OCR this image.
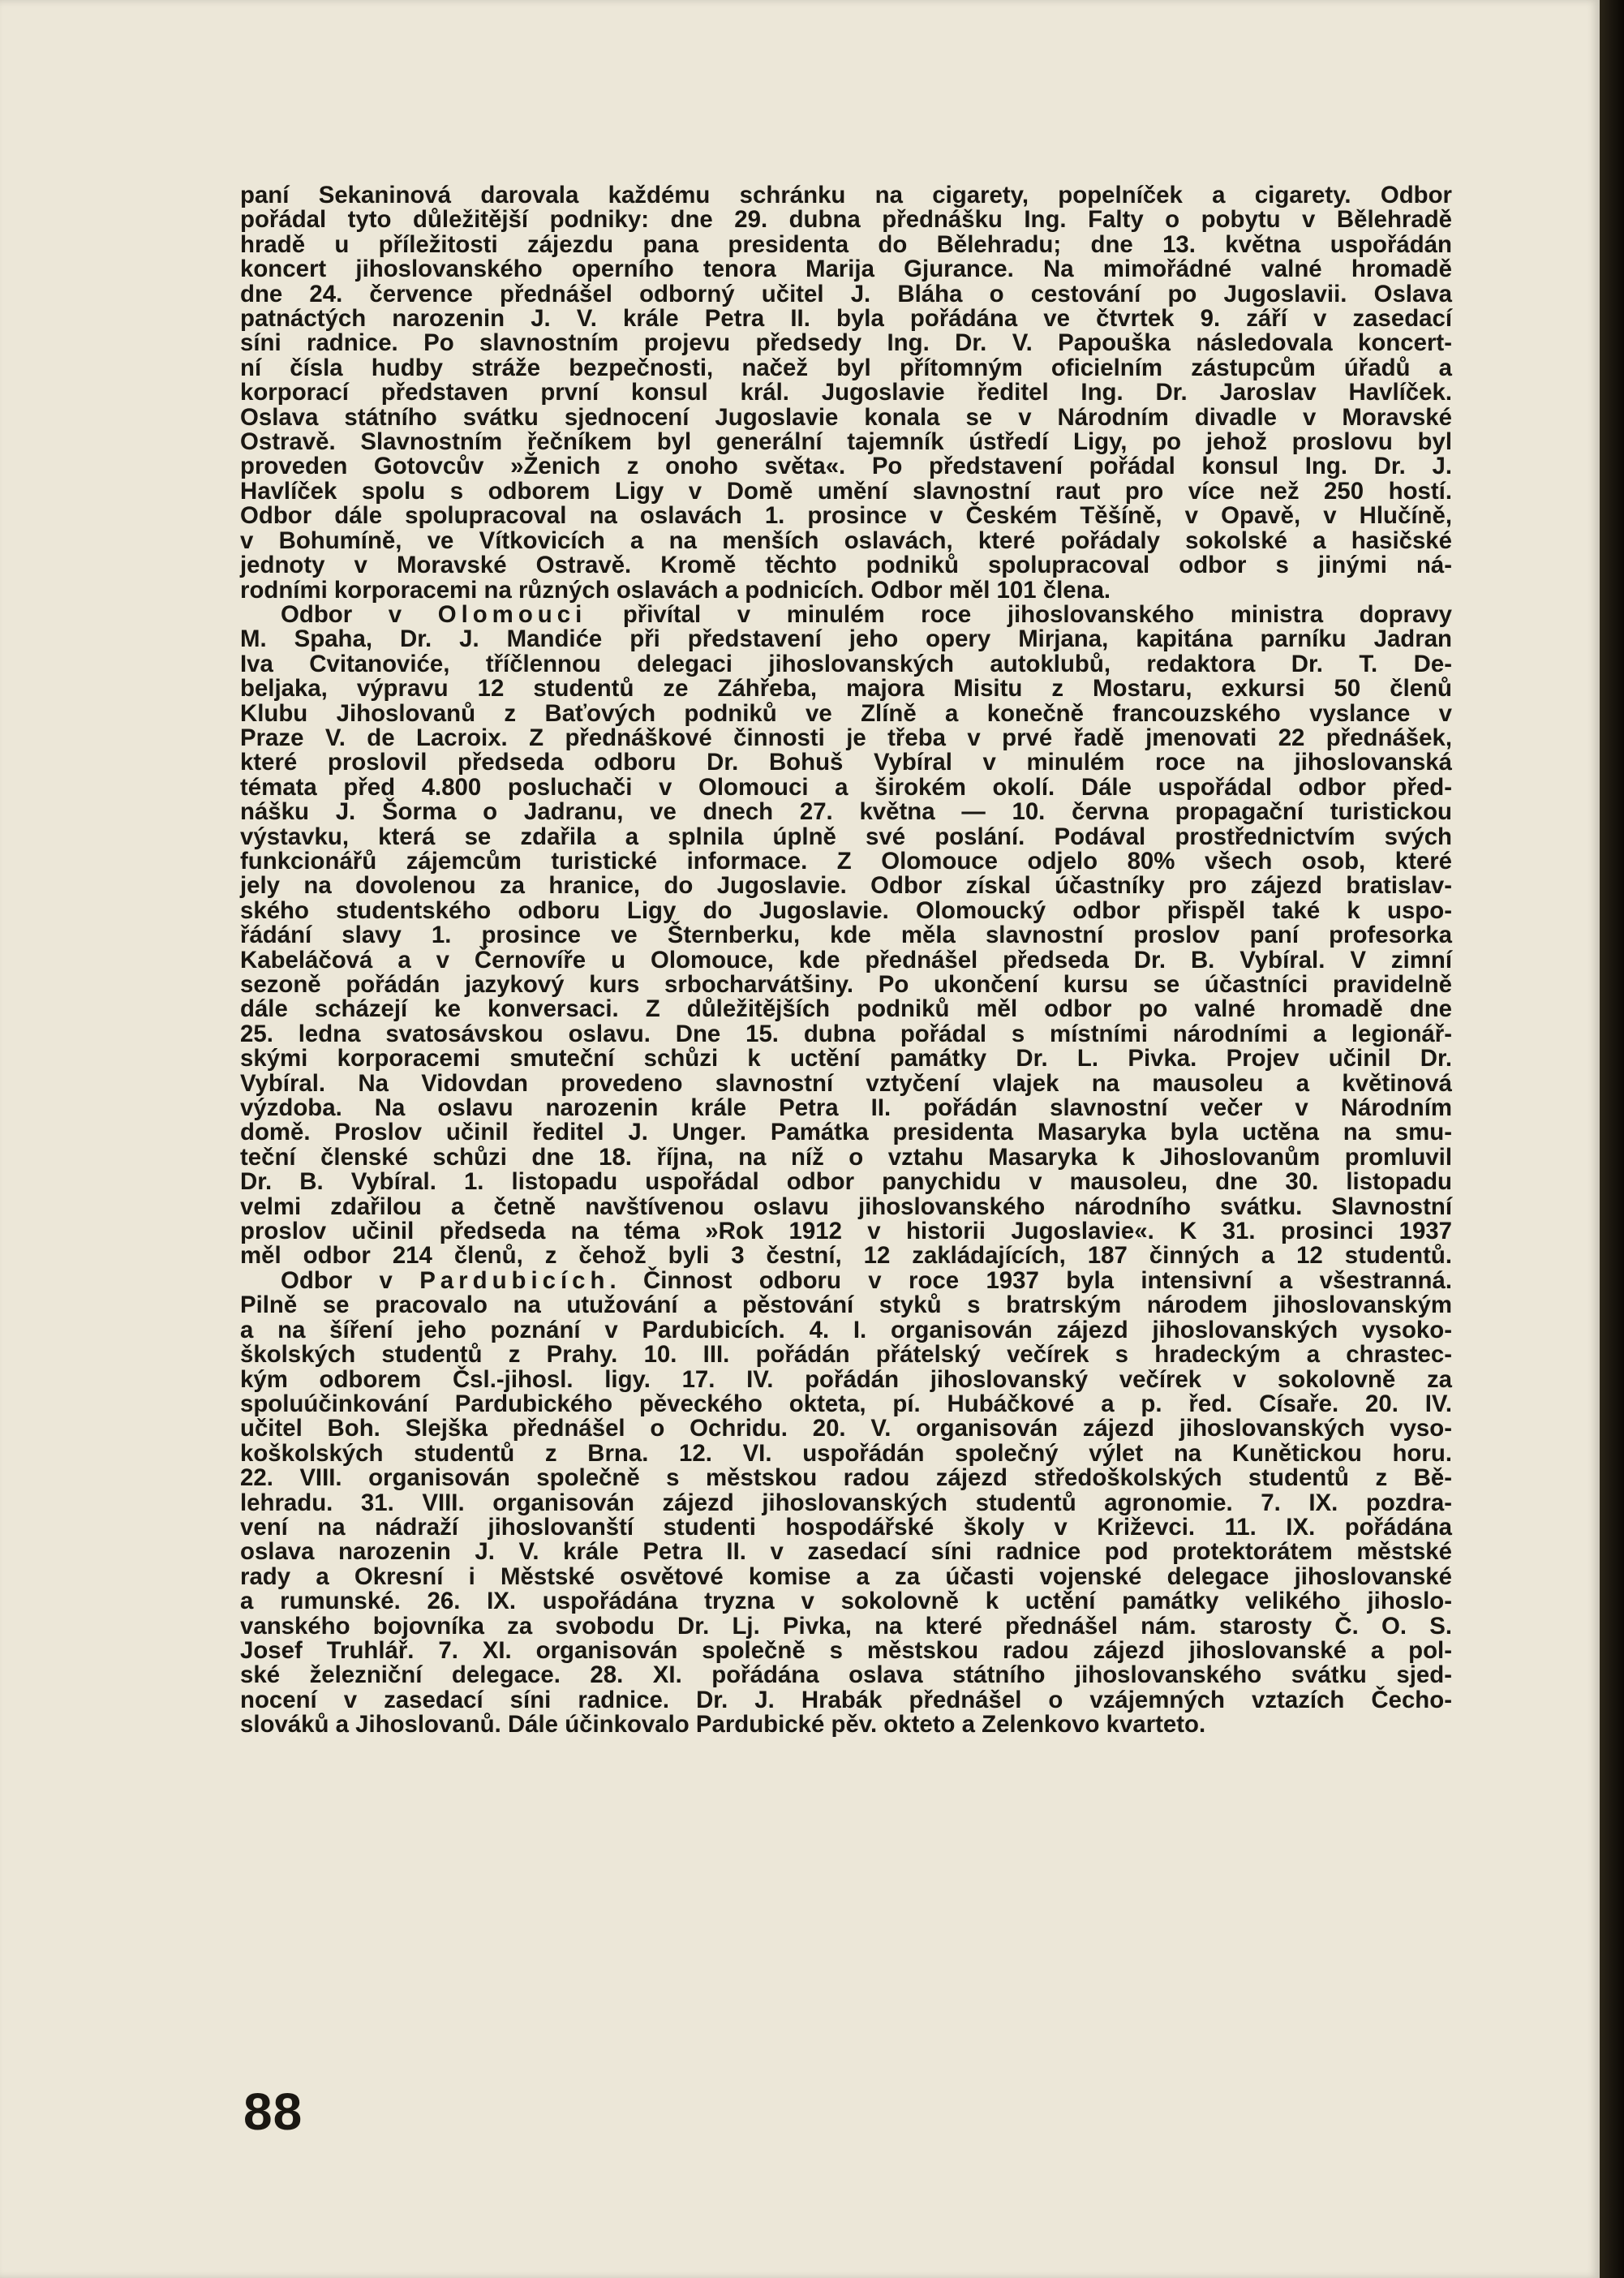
paní Sekaninová darovala každému schránku na cigarety, popelníček a cigarety. Odbor

pořádal tyto důležitější podniky: dne 29. dubna přednášku Ing. Falty o pobytu v Bělehradě

hradě u příležitosti zájezdu pana presidenta do Bělehradu; dne 13. května uspořádán

koncert jihoslovanského operního tenora Marija Gjurance. Na mimořádné valné hromadě

dne 24. července přednášel odborný učitel J. Bláha o cestování po Jugoslavii. Oslava

patnáctých narozenin J. V. krále Petra II. byla pořádána ve čtvrtek 9. září v zasedací

síni radnice. Po slavnostním projevu předsedy Ing. Dr. V. Papouška následovala koncert-

ní čísla hudby stráže bezpečnosti, načež byl přítomným oficielním zástupcům úřadů a

korporací představen první konsul král. Jugoslavie ředitel Ing. Dr. Jaroslav Havlíček.

Oslava státního svátku sjednocení Jugoslavie konala se v Národním divadle v Moravské

Ostravě. Slavnostním řečníkem byl generální tajemník ústředí Ligy, po jehož proslovu byl

proveden Gotovcův »Ženich z onoho světa«. Po představení pořádal konsul Ing. Dr. J.

Havlíček spolu s odborem Ligy v Domě umění slavnostní raut pro více než 250 hostí.

Odbor dále spolupracoval na oslavách 1. prosince v Českém Těšíně, v Opavě, v Hlučíně,

v Bohumíně, ve Vítkovicích a na menších oslavách, které pořádaly sokolské a hasičské

jednoty v Moravské Ostravě. Kromě těchto podniků spolupracoval odbor s jinými ná-

rodními korporacemi na různých oslavách a podnicích. Odbor měl 101 člena.

Odbor v Olomouci přivítal v minulém roce jihoslovanského ministra dopravy

M. Spaha, Dr. J. Mandiće při představení jeho opery Mirjana, kapitána parníku Jadran

Iva Cvitanoviće, tříčlennou delegaci jihoslovanských autoklubů, redaktora Dr. T. De-

beljaka, výpravu 12 studentů ze Záhřeba, majora Misitu z Mostaru, exkursi 50 členů

Klubu Jihoslovanů z Baťových podniků ve Zlíně a konečně francouzského vyslance v

Praze V. de Lacroix. Z přednáškové činnosti je třeba v prvé řadě jmenovati 22 přednášek,

které proslovil předseda odboru Dr. Bohuš Vybíral v minulém roce na jihoslovanská

témata před 4.800 posluchači v Olomouci a širokém okolí. Dále uspořádal odbor před-

nášku J. Šorma o Jadranu, ve dnech 27. května — 10. června propagační turistickou

výstavku, která se zdařila a splnila úplně své poslání. Podával prostřednictvím svých

funkcionářů zájemcům turistické informace. Z Olomouce odjelo 80% všech osob, které

jely na dovolenou za hranice, do Jugoslavie. Odbor získal účastníky pro zájezd bratislav-

ského studentského odboru Ligy do Jugoslavie. Olomoucký odbor přispěl také k uspo-

řádání slavy 1. prosince ve Šternberku, kde měla slavnostní proslov paní profesorka

Kabeláčová a v Černovíře u Olomouce, kde přednášel předseda Dr. B. Vybíral. V zimní

sezoně pořádán jazykový kurs srbocharvátšiny. Po ukončení kursu se účastníci pravidelně

dále scházejí ke konversaci. Z důležitějších podniků měl odbor po valné hromadě dne

25. ledna svatosávskou oslavu. Dne 15. dubna pořádal s místními národními a legionář-

skými korporacemi smuteční schůzi k uctění památky Dr. L. Pivka. Projev učinil Dr.

Vybíral. Na Vidovdan provedeno slavnostní vztyčení vlajek na mausoleu a květinová

výzdoba. Na oslavu narozenin krále Petra II. pořádán slavnostní večer v Národním

domě. Proslov učinil ředitel J. Unger. Památka presidenta Masaryka byla uctěna na smu-

teční členské schůzi dne 18. října, na níž o vztahu Masaryka k Jihoslovanům promluvil

Dr. B. Vybíral. 1. listopadu uspořádal odbor panychidu v mausoleu, dne 30. listopadu

velmi zdařilou a četně navštívenou oslavu jihoslovanského národního svátku. Slavnostní

proslov učinil předseda na téma »Rok 1912 v historii Jugoslavie«. K 31. prosinci 1937

měl odbor 214 členů, z čehož byli 3 čestní, 12 zakládajících, 187 činných a 12 studentů.

Odbor v Pardubicích. Činnost odboru v roce 1937 byla intensivní a všestranná.

Pilně se pracovalo na utužování a pěstování styků s bratrským národem jihoslovanským

a na šíření jeho poznání v Pardubicích. 4. I. organisován zájezd jihoslovanských vysoko-

školských studentů z Prahy. 10. III. pořádán přátelský večírek s hradeckým a chrastec-

kým odborem Čsl.-jihosl. ligy. 17. IV. pořádán jihoslovanský večírek v sokolovně za

spoluúčinkování Pardubického pěveckého okteta, pí. Hubáčkové a p. řed. Císaře. 20. IV.

učitel Boh. Slejška přednášel o Ochridu. 20. V. organisován zájezd jihoslovanských vyso-

koškolských studentů z Brna. 12. VI. uspořádán společný výlet na Kunětickou horu.

22. VIII. organisován společně s městskou radou zájezd středoškolských studentů z Bě-

lehradu. 31. VIII. organisován zájezd jihoslovanských studentů agronomie. 7. IX. pozdra-

vení na nádraží jihoslovanští studenti hospodářské školy v Križevci. 11. IX. pořádána

oslava narozenin J. V. krále Petra II. v zasedací síni radnice pod protektorátem městské

rady a Okresní i Městské osvětové komise a za účasti vojenské delegace jihoslovanské

a rumunské. 26. IX. uspořádána tryzna v sokolovně k uctění památky velikého jihoslo-

vanského bojovníka za svobodu Dr. Lj. Pivka, na které přednášel nám. starosty Č. O. S.

Josef Truhlář. 7. XI. organisován společně s městskou radou zájezd jihoslovanské a pol-

ské železniční delegace. 28. XI. pořádána oslava státního jihoslovanského svátku sjed-

nocení v zasedací síni radnice. Dr. J. Hrabák přednášel o vzájemných vztazích Čecho-

slováků a Jihoslovanů. Dále účinkovalo Pardubické pěv. okteto a Zelenkovo kvarteto.

88
